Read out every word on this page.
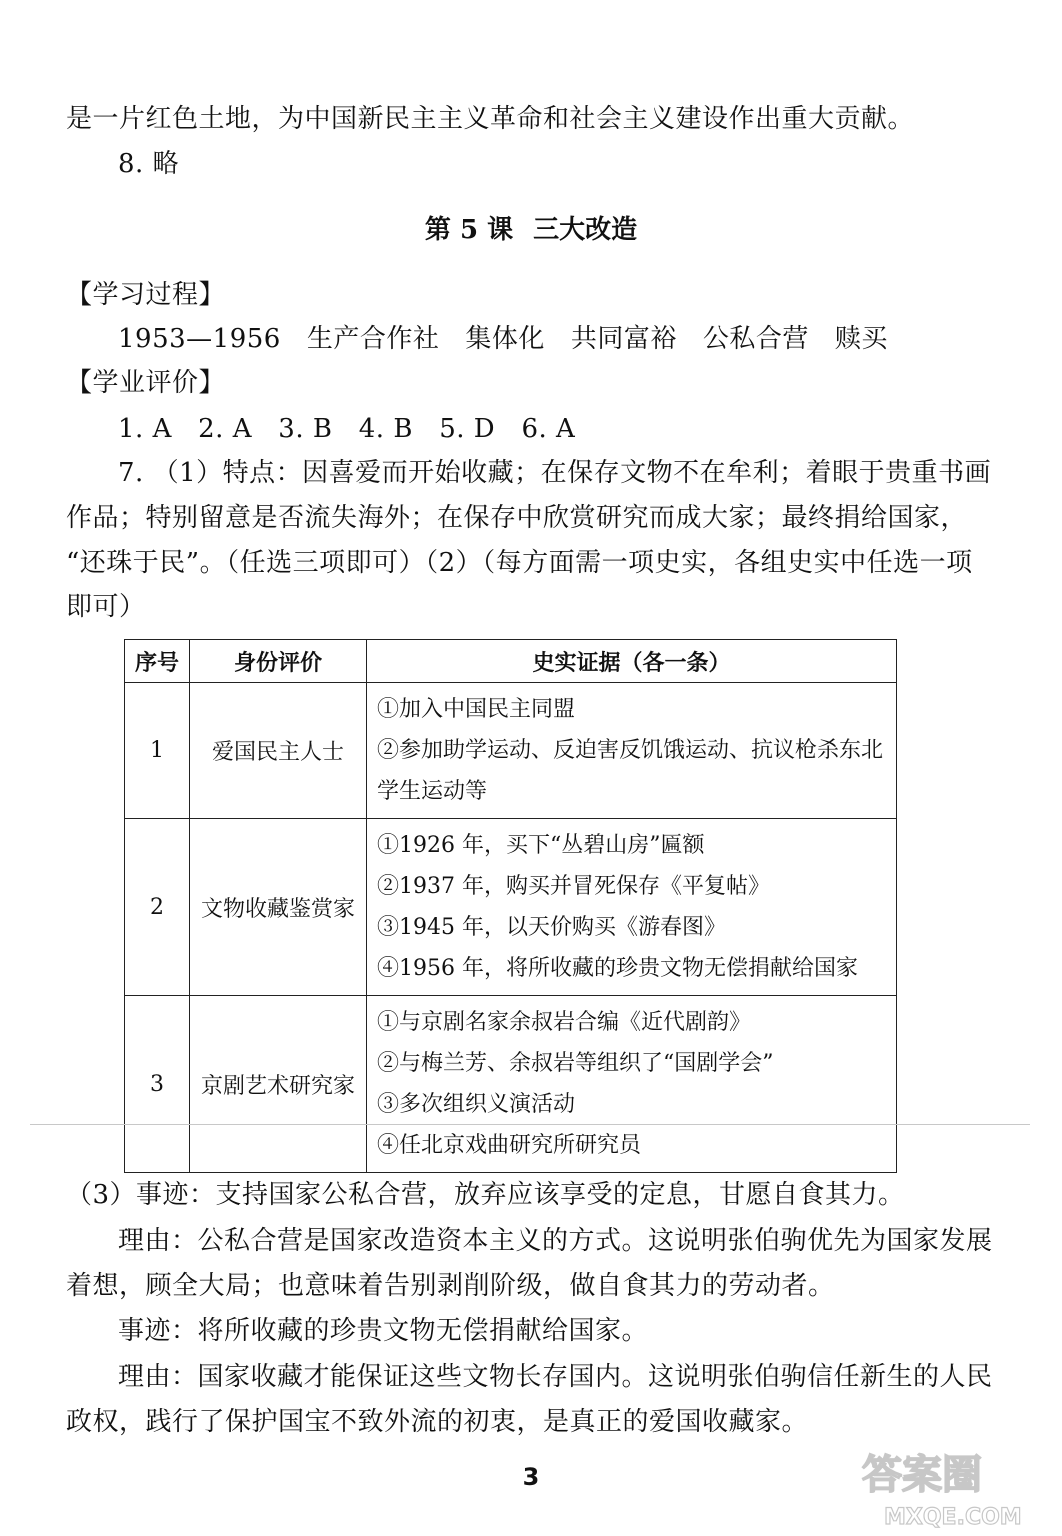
是一片红色土地，为中国新民主主义革命和社会主义建设作出重大贡献。
8. 略
第 5 课 三大改造
【学习过程】
1953—1956 生产合作社 集体化 共同富裕 公私合营 赎买
【学业评价】
1. A   2. A   3. B   4. B   5. D   6. A
7. （1）特点：因喜爱而开始收藏；在保存文物不在牟利；着眼于贵重书画
作品；特别留意是否流失海外；在保存中欣赏研究而成大家；最终捐给国家，
“还珠于民”。（任选三项即可）（2）（每方面需一项史实，各组史实中任选一项
即可）
序号	身份评价	史实证据（各一条）
1	爱国民主人士	①加入中国民主同盟
②参加助学运动、反迫害反饥饿运动、抗议枪杀东北学生运动等

2	文物收藏鉴赏家	①1926 年，买下“丛碧山房”匾额
②1937 年，购买并冒死保存《平复帖》
③1945 年，以天价购买《游春图》
④1956 年，将所收藏的珍贵文物无偿捐献给国家

3	京剧艺术研究家	①与京剧名家余叔岩合编《近代剧韵》
②与梅兰芳、余叔岩等组织了“国剧学会”
③多次组织义演活动
④任北京戏曲研究所研究员
（3）事迹：支持国家公私合营，放弃应该享受的定息，甘愿自食其力。
理由：公私合营是国家改造资本主义的方式。这说明张伯驹优先为国家发展
着想，顾全大局；也意味着告别剥削阶级，做自食其力的劳动者。
事迹：将所收藏的珍贵文物无偿捐献给国家。
理由：国家收藏才能保证这些文物长存国内。这说明张伯驹信任新生的人民
政权，践行了保护国宝不致外流的初衷，是真正的爱国收藏家。
3	答案圈
MXQE.COM
